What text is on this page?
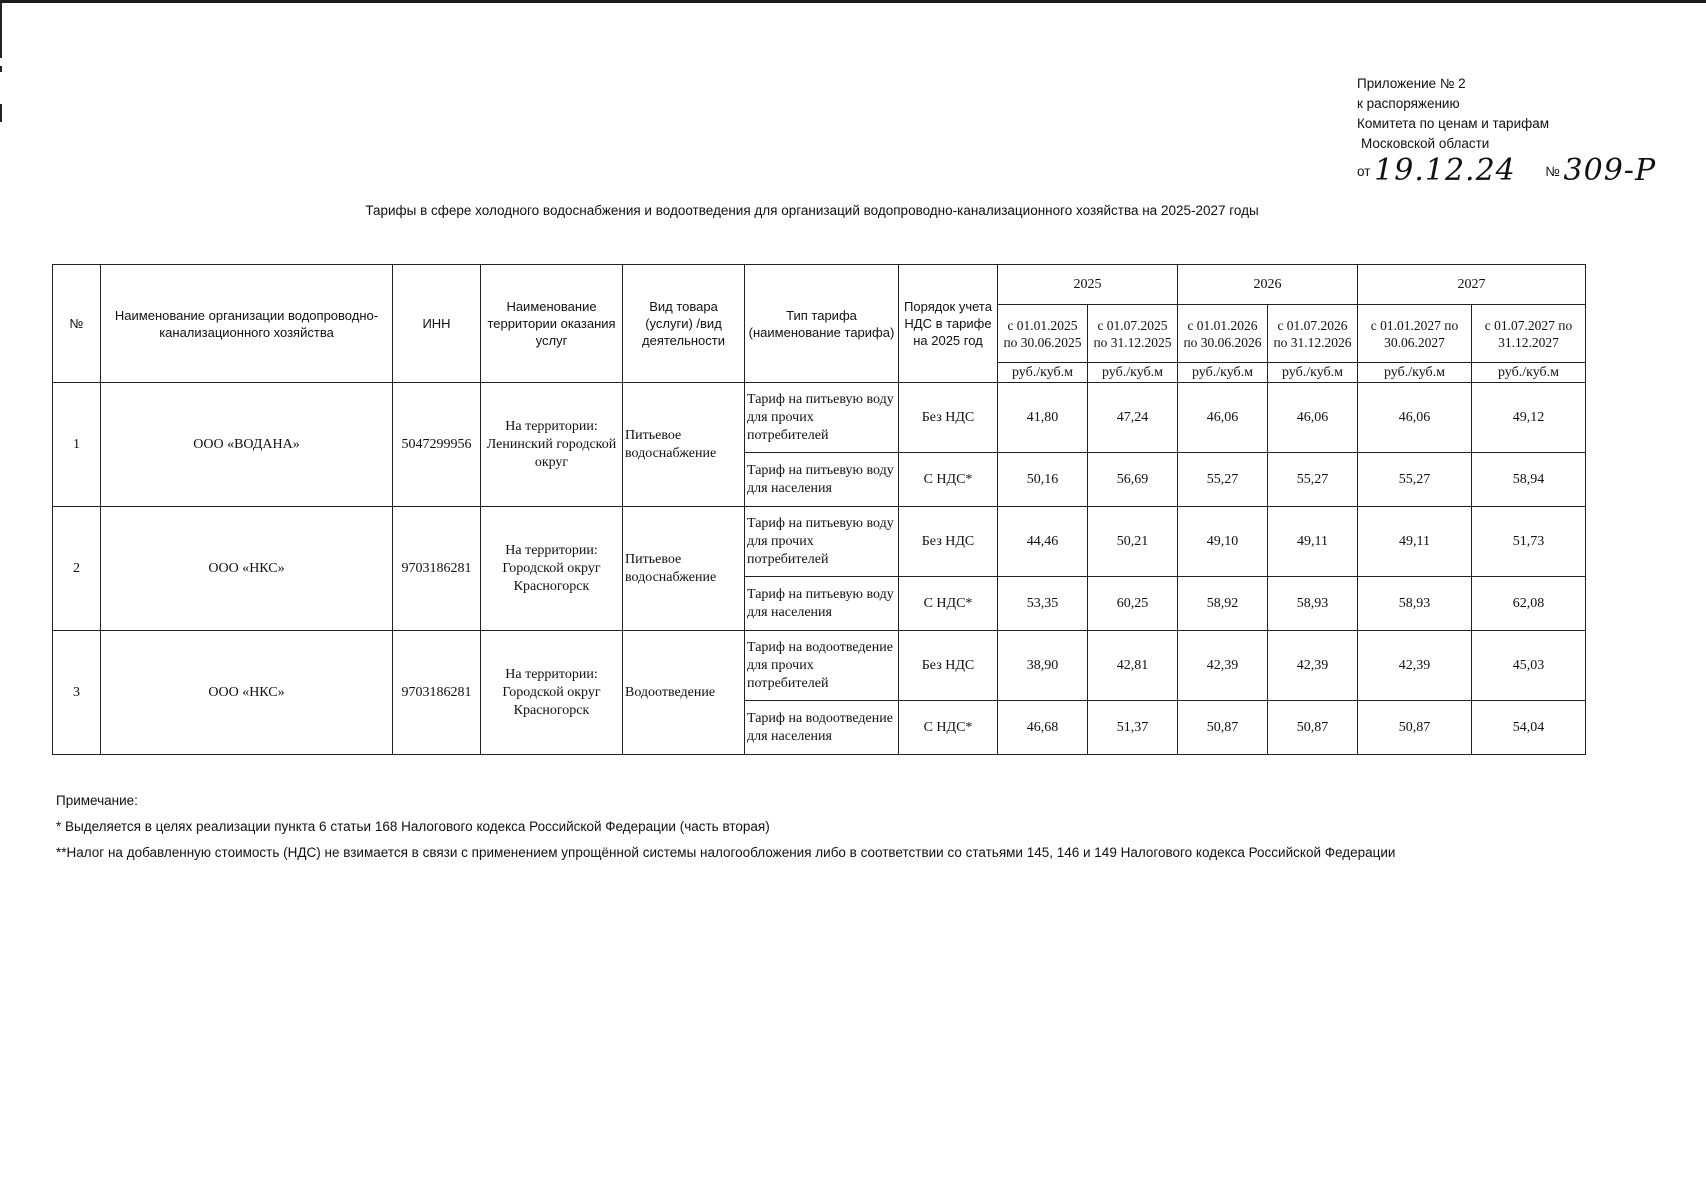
Приложение № 2
к распоряжению
Комитета по ценам и тарифам
Московской области
от 19.12.24 № 309-Р
Тарифы в сфере холодного водоснабжения и водоотведения для организаций водопроводно-канализационного хозяйства на 2025-2027 годы
№	Наименование организации водопроводно-канализационного хозяйства	ИНН	Наименование территории оказания услуг	Вид товара (услуги) /вид деятельности	Тип тарифа (наименование тарифа)	Порядок учета НДС в тарифе на 2025 год	2025		2026		2027	
							с 01.01.2025 по 30.06.2025	с 01.07.2025 по 31.12.2025	с 01.01.2026 по 30.06.2026	с 01.07.2026 по 31.12.2026	с 01.01.2027 по 30.06.2027	с 01.07.2027 по 31.12.2027
							руб./куб.м	руб./куб.м	руб./куб.м	руб./куб.м	руб./куб.м	руб./куб.м
1	ООО «ВОДАНА»	5047299956	На территории: Ленинский городской округ	Питьевое водоснабжение	Тариф на питьевую воду для прочих потребителей	Без НДС	41,80	47,24	46,06	46,06	46,06	49,12
					Тариф на питьевую воду для населения	С НДС*	50,16	56,69	55,27	55,27	55,27	58,94
2	ООО «НКС»	9703186281	На территории: Городской округ Красногорск	Питьевое водоснабжение	Тариф на питьевую воду для прочих потребителей	Без НДС	44,46	50,21	49,10	49,11	49,11	51,73
					Тариф на питьевую воду для населения	С НДС*	53,35	60,25	58,92	58,93	58,93	62,08
3	ООО «НКС»	9703186281	На территории: Городской округ Красногорск	Водоотведение	Тариф на водоотведение для прочих потребителей	Без НДС	38,90	42,81	42,39	42,39	42,39	45,03
					Тариф на водоотведение для населения	С НДС*	46,68	51,37	50,87	50,87	50,87	54,04
Примечание:
* Выделяется в целях реализации пункта 6 статьи 168 Налогового кодекса Российской Федерации (часть вторая)
**Налог на добавленную стоимость (НДС) не взимается в связи с применением упрощённой системы налогообложения либо в соответствии со статьями 145, 146 и 149 Налогового кодекса Российской Федерации
